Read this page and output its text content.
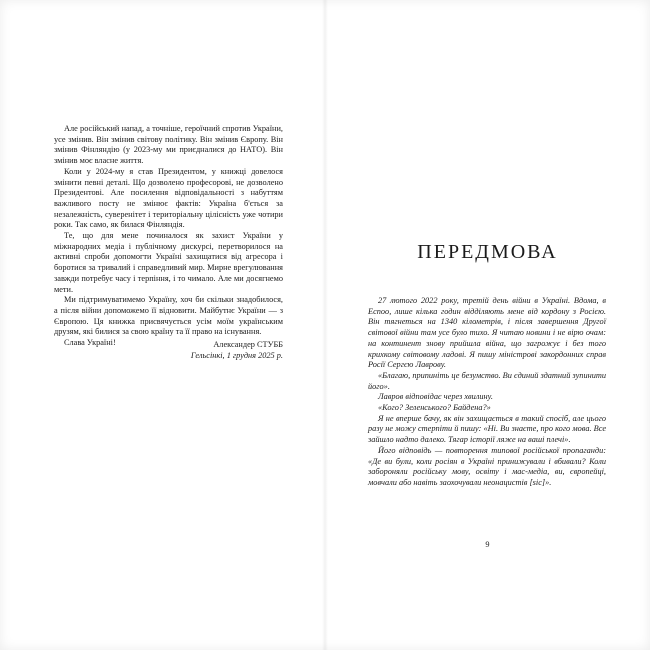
Але російський напад, а точніше, героїчний спротив України, усе змінив. Він змінив світову політику. Він змінив Європу. Він змінив Фінляндію (у 2023-му ми приєдналися до НАТО). Він змінив моє власне життя.

Коли у 2024-му я став Президентом, у книжці довелося змінити певні деталі. Що дозволено професорові, не дозволено Президентові. Але посилення відповідальності з набуттям важливого посту не змінює фактів: Україна б'ється за незалежність, суверенітет і територіальну цілісність уже чотири роки. Так само, як билася Фінляндія.

Те, що для мене починалося як захист України у міжнародних медіа і публічному дискурсі, перетворилося на активні спроби допомогти Україні захищатися від агресора і боротися за тривалий і справедливий мир. Мирне врегулювання завжди потребує часу і терпіння, і то чимало. Але ми досягнемо мети.

Ми підтримуватимемо Україну, хоч би скільки знадобилося, а після війни допоможемо її відновити. Майбутнє України — з Європою. Ця книжка присвячується усім моїм українським друзям, які билися за свою країну та її право на існування.

Слава Україні!	Александер СТУББ
Гельсінкі, 1 грудня 2025 р.
ПЕРЕДМОВА

27 лютого 2022 року, третій день війни в Україні. Вдома, в Еспоо, лише кілька годин відділяють мене від кордону з Росією. Він тягнеться на 1340 кілометрів, і після завершення Другої світової війни там усе було тихо. Я читаю новини і не вірю очам: на континент знову прийшла війна, що загрожує і без того крихкому світовому ладові. Я пишу міністрові закордонних справ Росії Сергєю Лаврову.

«Благаю, припиніть це безумство. Ви єдиний здатний зупинити його».

Лавров відповідає через хвилину.

«Кого? Зеленського? Байдена?»

Я не вперше бачу, як він захищається в такий спосіб, але цього разу не можу стерпіти й пишу: «Ні. Ви знаєте, про кого мова. Все зайшло надто далеко. Тягар історії ляже на ваші плечі».

Його відповідь — повторення типової російської пропаганди: «Де ви були, коли росіян в Україні принижували і вбивали? Коли забороняли російську мову, освіту і мас-медіа, ви, європейці, мовчали або навіть заохочували неонацистів [sic]».

9
